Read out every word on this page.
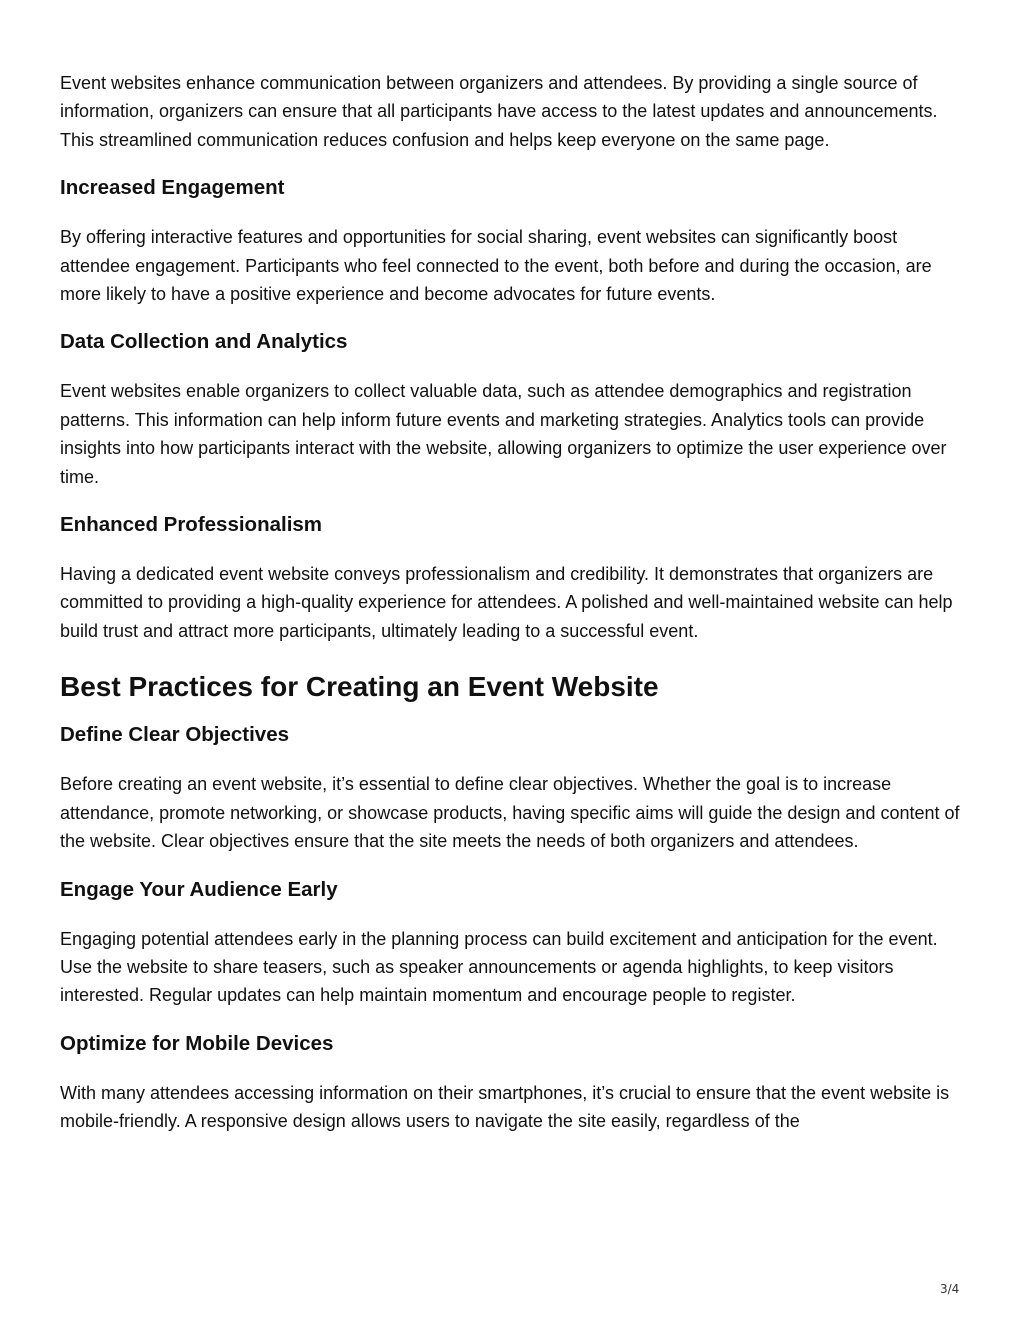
Event websites enhance communication between organizers and attendees. By providing a single source of information, organizers can ensure that all participants have access to the latest updates and announcements. This streamlined communication reduces confusion and helps keep everyone on the same page.

Increased Engagement

By offering interactive features and opportunities for social sharing, event websites can significantly boost attendee engagement. Participants who feel connected to the event, both before and during the occasion, are more likely to have a positive experience and become advocates for future events.

Data Collection and Analytics

Event websites enable organizers to collect valuable data, such as attendee demographics and registration patterns. This information can help inform future events and marketing strategies. Analytics tools can provide insights into how participants interact with the website, allowing organizers to optimize the user experience over time.

Enhanced Professionalism

Having a dedicated event website conveys professionalism and credibility. It demonstrates that organizers are committed to providing a high-quality experience for attendees. A polished and well-maintained website can help build trust and attract more participants, ultimately leading to a successful event.

Best Practices for Creating an Event Website
Define Clear Objectives

Before creating an event website, it’s essential to define clear objectives. Whether the goal is to increase attendance, promote networking, or showcase products, having specific aims will guide the design and content of the website. Clear objectives ensure that the site meets the needs of both organizers and attendees.

Engage Your Audience Early

Engaging potential attendees early in the planning process can build excitement and anticipation for the event. Use the website to share teasers, such as speaker announcements or agenda highlights, to keep visitors interested. Regular updates can help maintain momentum and encourage people to register.

Optimize for Mobile Devices

With many attendees accessing information on their smartphones, it’s crucial to ensure that the event website is mobile-friendly. A responsive design allows users to navigate the site easily, regardless of the

3/4
